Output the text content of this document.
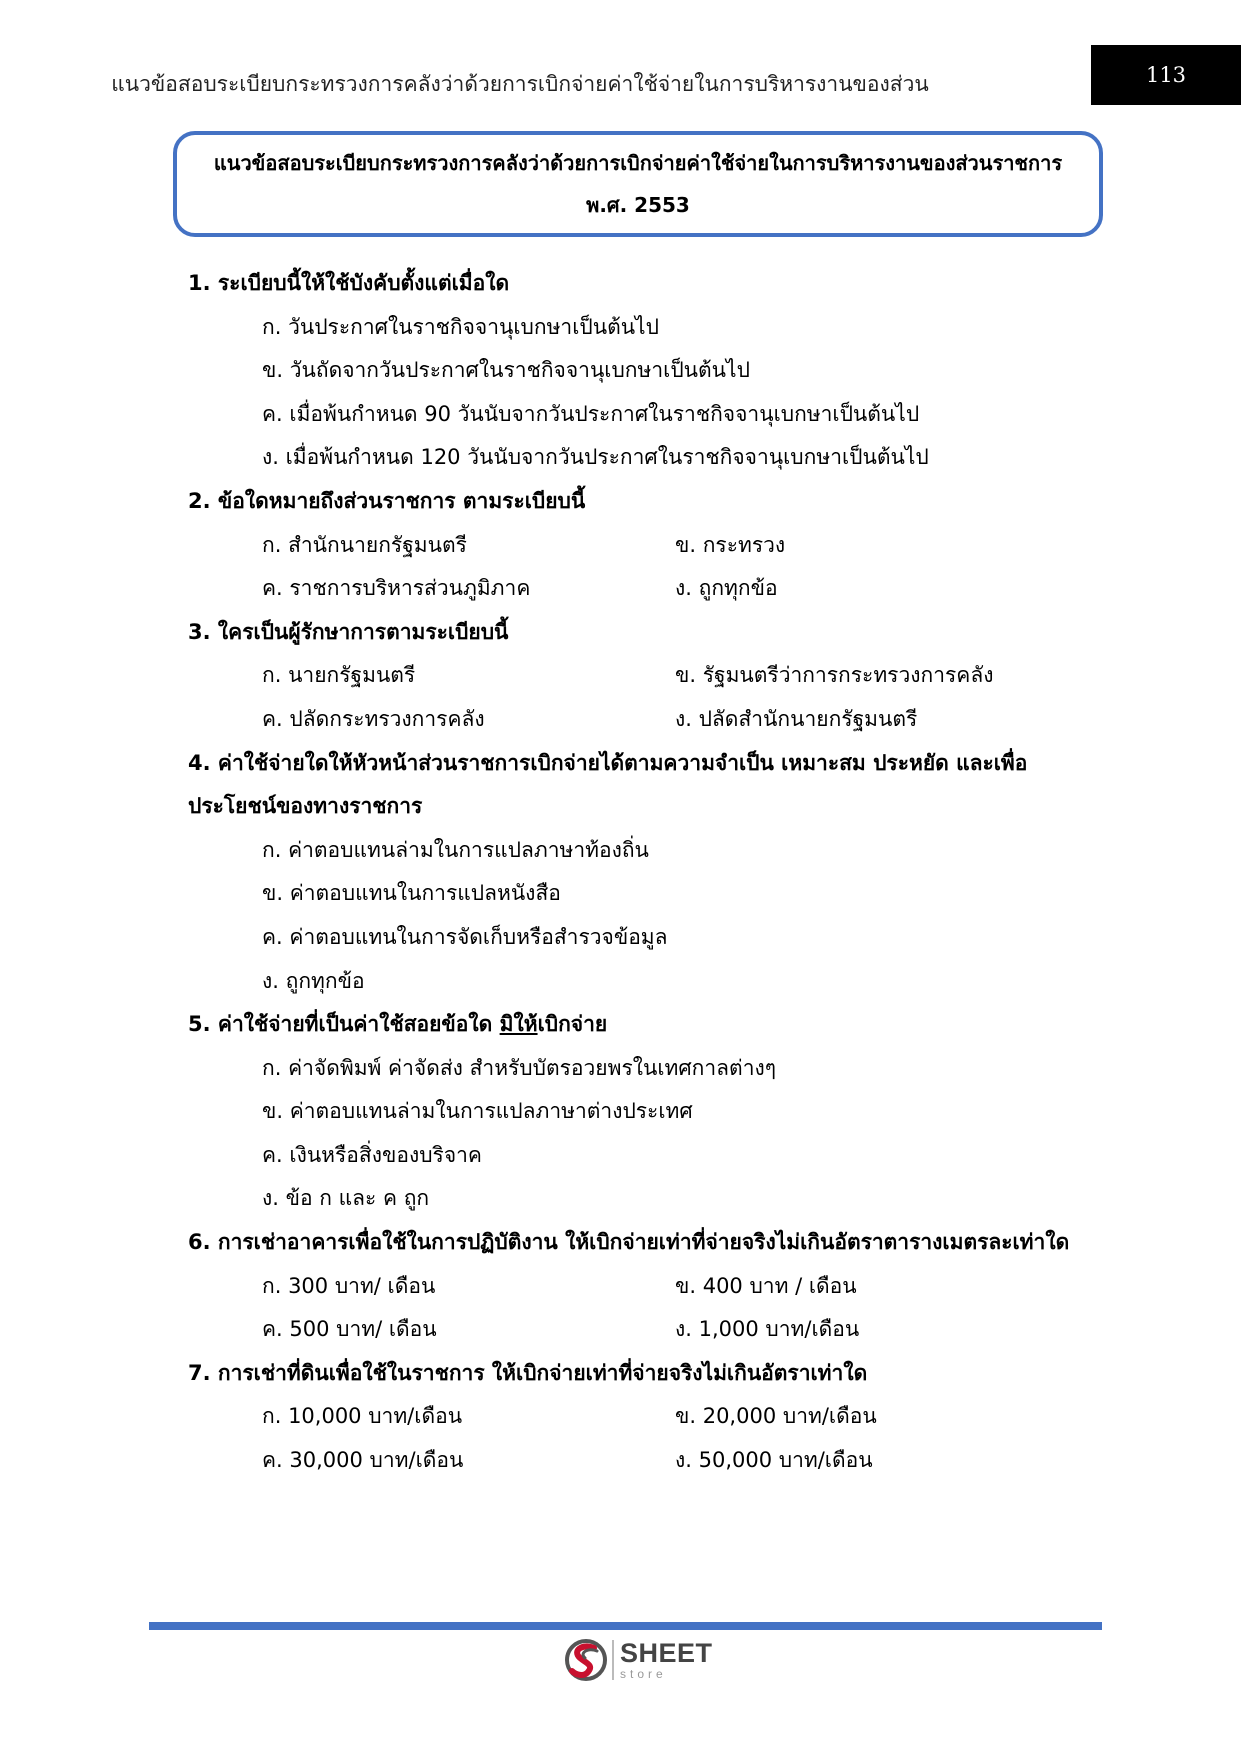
แนวข้อสอบระเบียบกระทรวงการคลังว่าด้วยการเบิกจ่ายค่าใช้จ่ายในการบริหารงานของส่วน	113
แนวข้อสอบระเบียบกระทรวงการคลังว่าด้วยการเบิกจ่ายค่าใช้จ่ายในการบริหารงานของส่วนราชการ
พ.ศ. 2553
1. ระเบียบนี้ให้ใช้บังคับตั้งแต่เมื่อใด
ก. วันประกาศในราชกิจจานุเบกษาเป็นต้นไป
ข. วันถัดจากวันประกาศในราชกิจจานุเบกษาเป็นต้นไป
ค. เมื่อพ้นกำหนด 90 วันนับจากวันประกาศในราชกิจจานุเบกษาเป็นต้นไป
ง. เมื่อพ้นกำหนด 120 วันนับจากวันประกาศในราชกิจจานุเบกษาเป็นต้นไป
2. ข้อใดหมายถึงส่วนราชการ ตามระเบียบนี้
ก. สำนักนายกรัฐมนตรี	ข. กระทรวง
ค. ราชการบริหารส่วนภูมิภาค	ง. ถูกทุกข้อ
3. ใครเป็นผู้รักษาการตามระเบียบนี้
ก. นายกรัฐมนตรี	ข. รัฐมนตรีว่าการกระทรวงการคลัง
ค. ปลัดกระทรวงการคลัง	ง. ปลัดสำนักนายกรัฐมนตรี
4. ค่าใช้จ่ายใดให้หัวหน้าส่วนราชการเบิกจ่ายได้ตามความจำเป็น เหมาะสม ประหยัด และเพื่อ
ประโยชน์ของทางราชการ
ก. ค่าตอบแทนล่ามในการแปลภาษาท้องถิ่น
ข. ค่าตอบแทนในการแปลหนังสือ
ค. ค่าตอบแทนในการจัดเก็บหรือสำรวจข้อมูล
ง. ถูกทุกข้อ
5. ค่าใช้จ่ายที่เป็นค่าใช้สอยข้อใด มิให้เบิกจ่าย
ก. ค่าจัดพิมพ์ ค่าจัดส่ง สำหรับบัตรอวยพรในเทศกาลต่างๆ
ข. ค่าตอบแทนล่ามในการแปลภาษาต่างประเทศ
ค. เงินหรือสิ่งของบริจาค
ง. ข้อ ก และ ค ถูก
6. การเช่าอาคารเพื่อใช้ในการปฏิบัติงาน ให้เบิกจ่ายเท่าที่จ่ายจริงไม่เกินอัตราตารางเมตรละเท่าใด
ก. 300 บาท/ เดือน	ข. 400 บาท / เดือน
ค. 500 บาท/ เดือน	ง. 1,000 บาท/เดือน
7. การเช่าที่ดินเพื่อใช้ในราชการ ให้เบิกจ่ายเท่าที่จ่ายจริงไม่เกินอัตราเท่าใด
ก. 10,000 บาท/เดือน	ข. 20,000 บาท/เดือน
ค. 30,000 บาท/เดือน	ง. 50,000 บาท/เดือน
SHEET
store
